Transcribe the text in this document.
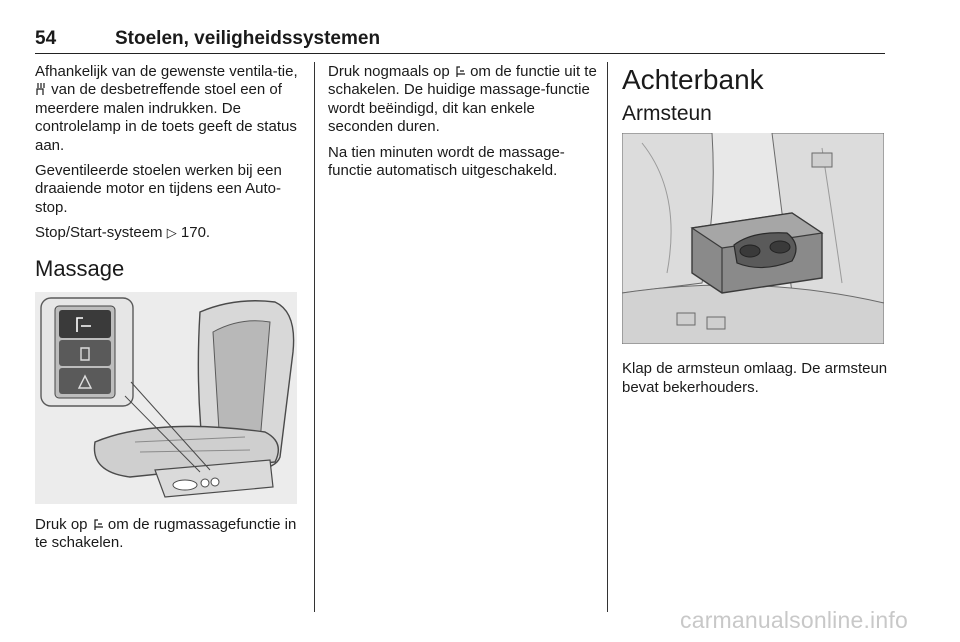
54	Stoelen, veiligheidssystemen

Afhankelijk van de gewenste ventila-tie,  van de desbetreffende stoel een of meerdere malen indrukken. De controlelamp in de toets geeft de status aan.

Geventileerde stoelen werken bij een draaiende motor en tijdens een Auto-stop.

Stop/Start-systeem ▷ 170.

Massage

Druk op om de rugmassagefunctie in te schakelen.

Druk nogmaals op om de functie uit te schakelen. De huidige massage-functie wordt beëindigd, dit kan enkele seconden duren.

Na tien minuten wordt de massage-functie automatisch uitgeschakeld.

Achterbank
Armsteun

Klap de armsteun omlaag. De armsteun bevat bekerhouders.

carmanualsonline.info
